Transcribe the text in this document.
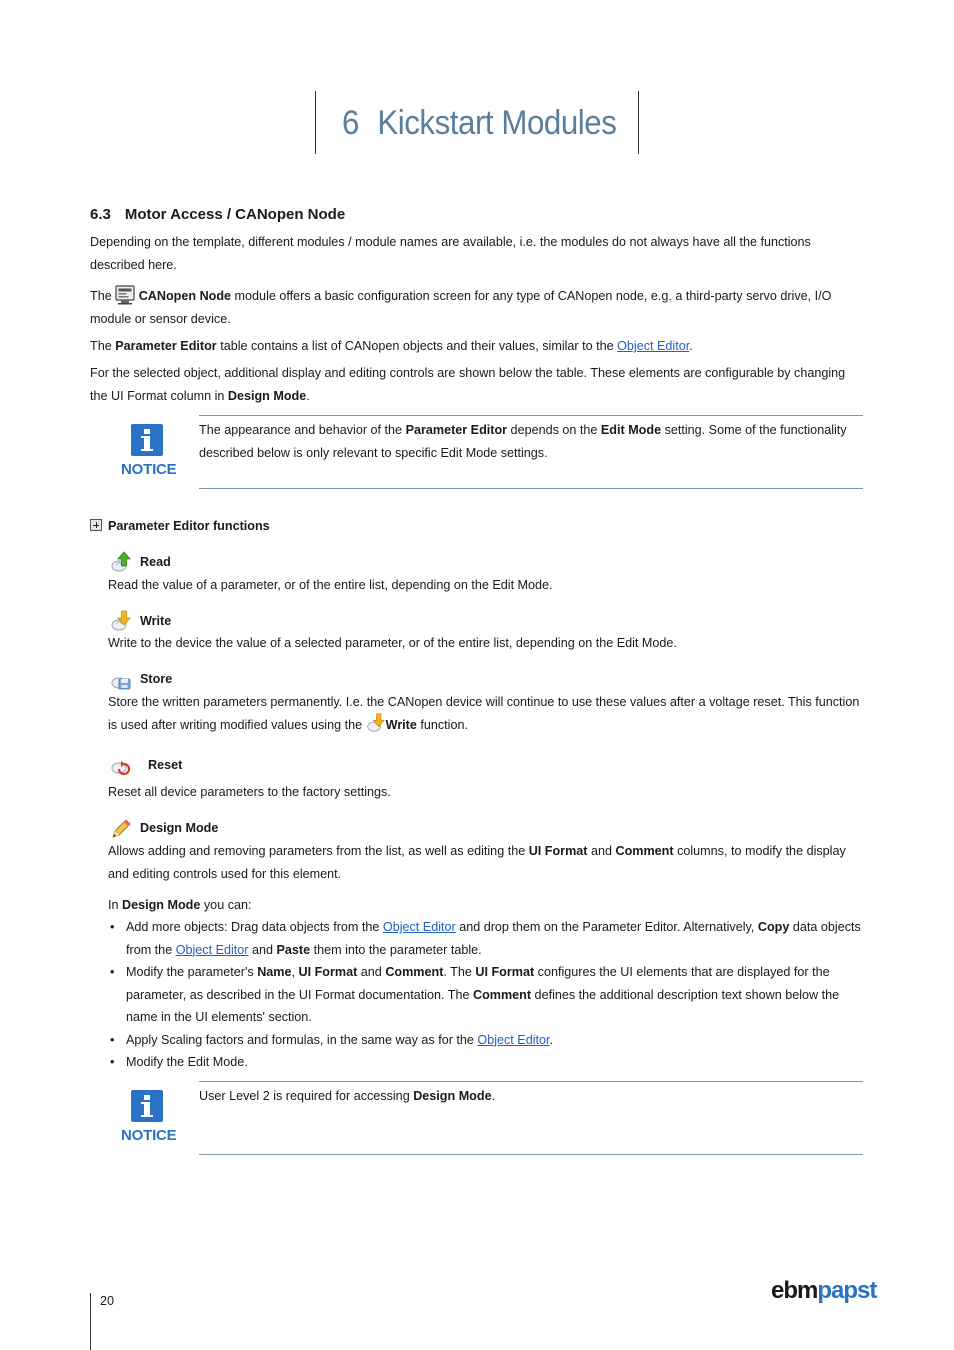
6 Kickstart Modules
6.3 Motor Access / CANopen Node

Depending on the template, different modules / module names are available, i.e. the modules do not always have all the functions described here.

The  CANopen Node module offers a basic configuration screen for any type of CANopen node, e.g. a third-party servo drive, I/O module or sensor device.

The Parameter Editor table contains a list of CANopen objects and their values, similar to the Object Editor.

For the selected object, additional display and editing controls are shown below the table. These elements are configurable by changing the UI Format column in Design Mode.

NOTICE
The appearance and behavior of the Parameter Editor depends on the Edit Mode setting. Some of the functionality described below is only relevant to specific Edit Mode settings.
Parameter Editor functions
Read
Read the value of a parameter, or of the entire list, depending on the Edit Mode.
Write
Write to the device the value of a selected parameter, or of the entire list, depending on the Edit Mode.
Store
Store the written parameters permanently. I.e. the CANopen device will continue to use these values after a voltage reset. This function is used after writing modified values using the Write function.
Reset
Reset all device parameters to the factory settings.
Design Mode
Allows adding and removing parameters from the list, as well as editing the UI Format and Comment columns, to modify the display and editing controls used for this element.
In Design Mode you can:
• Add more objects: Drag data objects from the Object Editor and drop them on the Parameter Editor. Alternatively, Copy data objects from the Object Editor and Paste them into the parameter table.
• Modify the parameter's Name, UI Format and Comment. The UI Format configures the UI elements that are displayed for the parameter, as described in the UI Format documentation. The Comment defines the additional description text shown below the name in the UI elements' section.
• Apply Scaling factors and formulas, in the same way as for the Object Editor.
• Modify the Edit Mode.
NOTICE
User Level 2 is required for accessing Design Mode.
20	ebmpapst
